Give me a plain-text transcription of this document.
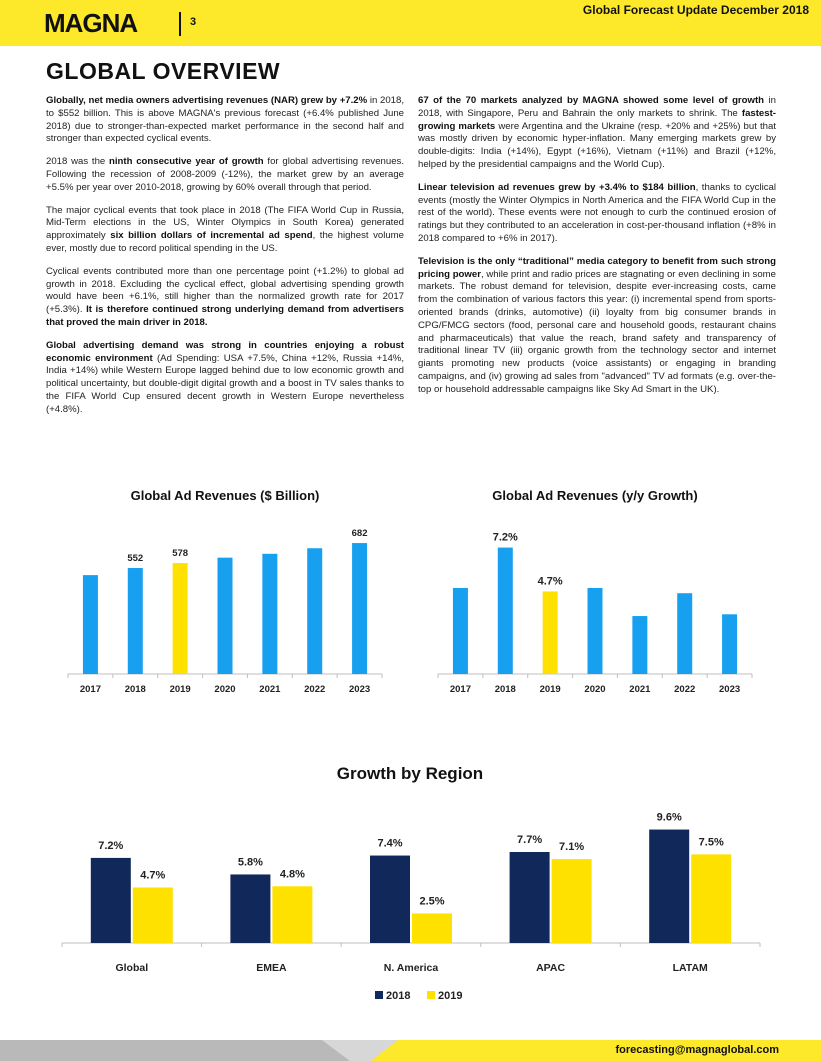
MAGNA	3
Global Forecast Update December 2018
GLOBAL OVERVIEW

Globally, net media owners advertising revenues (NAR) grew by +7.2% in 2018, to $552 billion. This is above MAGNA's previous forecast (+6.4% published June 2018) due to stronger-than-expected market performance in the second half and stronger than expected cyclical events.

2018 was the ninth consecutive year of growth for global advertising revenues. Following the recession of 2008-2009 (-12%), the market grew by an average +5.5% per year over 2010-2018, growing by 60% overall through that period.

The major cyclical events that took place in 2018 (The FIFA World Cup in Russia, Mid-Term elections in the US, Winter Olympics in South Korea) generated approximately six billion dollars of incremental ad spend, the highest volume ever, mostly due to record political spending in the US.

Cyclical events contributed more than one percentage point (+1.2%) to global ad growth in 2018. Excluding the cyclical effect, global advertising spending growth would have been +6.1%, still higher than the normalized growth rate for 2017 (+5.3%). It is therefore continued strong underlying demand from advertisers that proved the main driver in 2018.

Global advertising demand was strong in countries enjoying a robust economic environment (Ad Spending: USA +7.5%, China +12%, Russia +14%, India +14%) while Western Europe lagged behind due to low economic growth and political uncertainty, but double-digit digital growth and a boost in TV sales thanks to the FIFA World Cup ensured decent growth in Western Europe nevertheless (+4.8%).

67 of the 70 markets analyzed by MAGNA showed some level of growth in 2018, with Singapore, Peru and Bahrain the only markets to shrink. The fastest-growing markets were Argentina and the Ukraine (resp. +20% and +25%) but that was mostly driven by economic hyper-inflation. Many emerging markets grew by double-digits: India (+14%), Egypt (+16%), Vietnam (+11%) and Brazil (+12%, helped by the presidential campaigns and the World Cup).

Linear television ad revenues grew by +3.4% to $184 billion, thanks to cyclical events (mostly the Winter Olympics in North America and the FIFA World Cup in the rest of the world). These events were not enough to curb the continued erosion of ratings but they contributed to an acceleration in cost-per-thousand inflation (+8% in 2018 compared to +6% in 2017).

Television is the only “traditional” media category to benefit from such strong pricing power, while print and radio prices are stagnating or even declining in some markets. The robust demand for television, despite ever-increasing costs, came from the combination of various factors this year: (i) incremental spend from sports-oriented brands (drinks, automotive) (ii) loyalty from big consumer brands in CPG/FMCG sectors (food, personal care and household goods, restaurant chains and pharmaceuticals) that value the reach, brand safety and transparency of traditional linear TV (iii) organic growth from the technology sector and internet giants promoting new products (voice assistants) or engaging in branding campaigns, and (iv) growing ad sales from "advanced" TV ad formats (e.g. over-the-top or household addressable campaigns like Sky Ad Smart in the UK).

Global Ad Revenues ($ Billion)
2017 2018
552
2019
578
2020 2021 2022 2023
682
Global Ad Revenues (y/y Growth)
2017 2018
7.2%
2019
4.7%
2020 2021 2022 2023
Growth by Region
7.2%
4.7%
Global
5.8%
4.8%
EMEA
7.4%
2.5%
N. America
7.7%
7.1%
APAC
9.6%
7.5%
LATAM
2018	2019
forecasting@magnaglobal.com
